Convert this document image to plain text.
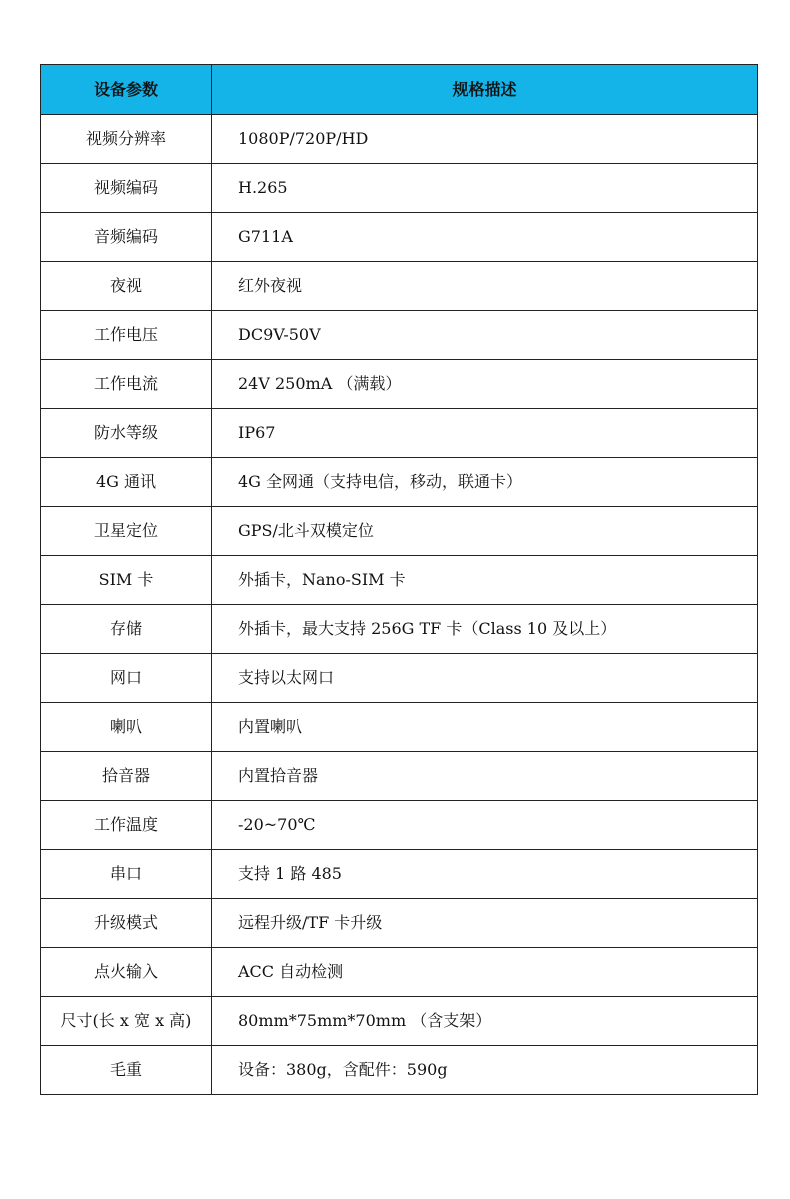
设备参数	规格描述
视频分辨率	1080P/720P/HD
视频编码	H.265
音频编码	G711A
夜视	红外夜视
工作电压	DC9V-50V
工作电流	24V 250mA （满载）
防水等级	IP67
4G 通讯	4G 全网通（支持电信，移动，联通卡）
卫星定位	GPS/北斗双模定位
SIM 卡	外插卡，Nano-SIM 卡
存储	外插卡，最大支持 256G TF 卡（Class 10 及以上）
网口	支持以太网口
喇叭	内置喇叭
拾音器	内置拾音器
工作温度	-20~70℃
串口	支持 1 路 485
升级模式	远程升级/TF 卡升级
点火输入	ACC 自动检测
尺寸(长 x 宽 x 高)	80mm*75mm*70mm （含支架）
毛重	设备：380g，含配件：590g
